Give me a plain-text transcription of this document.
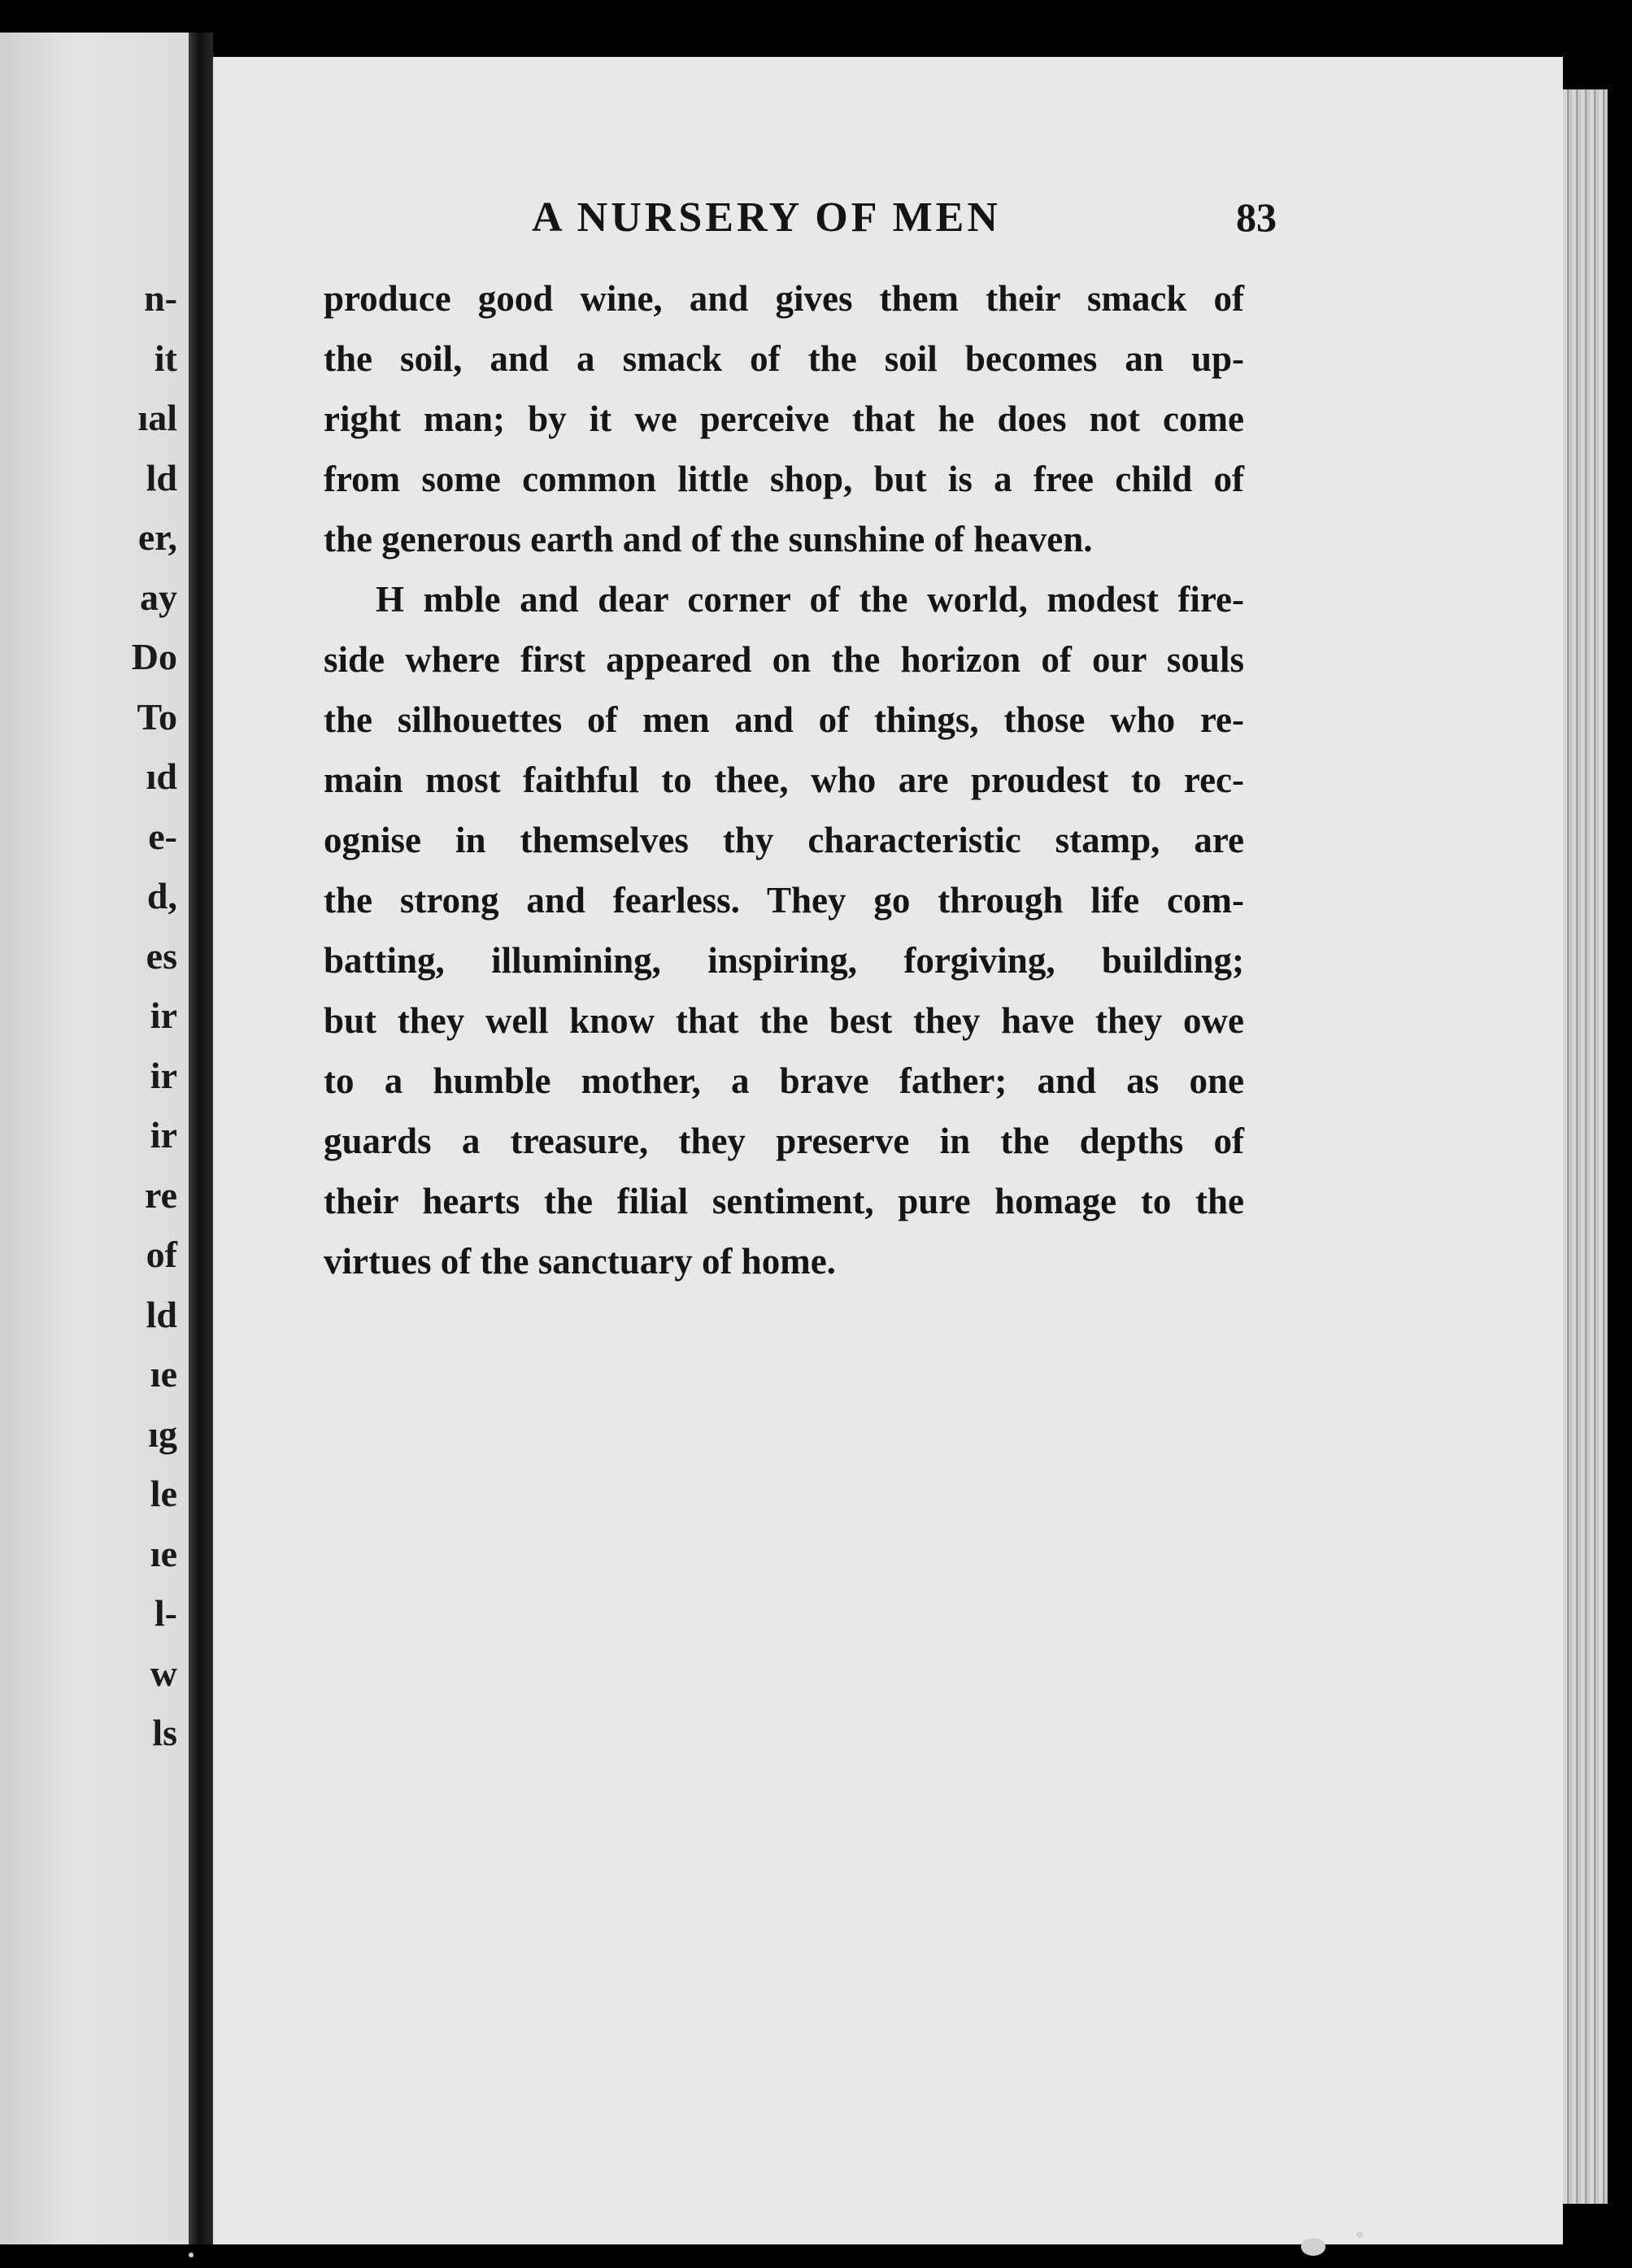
n-
it
ıal
ld
er,
ay
Do
To
ıd
e-
d,
es
ir
ir
ir
re
of
ld
ıe
ıg
le
ıe
l-
w
ls
A NURSERY OF MEN	83
produce good wine, and gives them their smack of
the soil, and a smack of the soil becomes an up-
right man; by it we perceive that he does not come
from some common little shop, but is a free child of
the generous earth and of the sunshine of heaven.
H mble and dear corner of the world, modest fire-
side where first appeared on the horizon of our souls
the silhouettes of men and of things, those who re-
main most faithful to thee, who are proudest to rec-
ognise in themselves thy characteristic stamp, are
the strong and fearless. They go through life com-
batting, illumining, inspiring, forgiving, building;
but they well know that the best they have they owe
to a humble mother, a brave father; and as one
guards a treasure, they preserve in the depths of
their hearts the filial sentiment, pure homage to the
virtues of the sanctuary of home.
